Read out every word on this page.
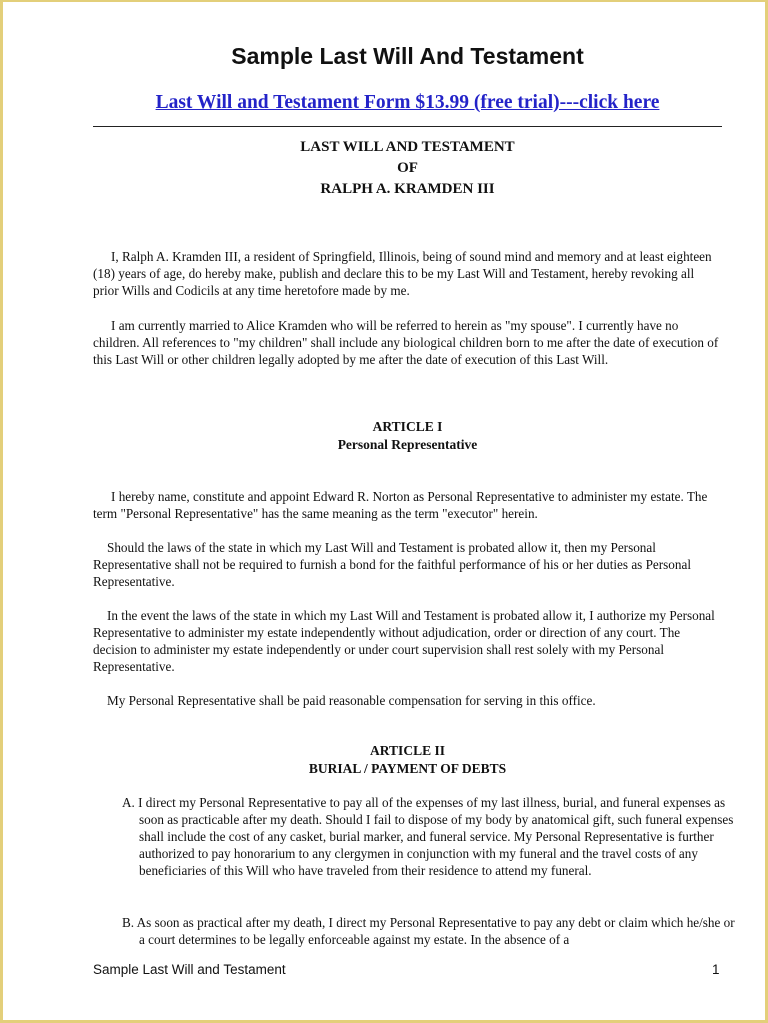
Sample Last Will And Testament
Last Will and Testament Form $13.99 (free trial)---click here
LAST WILL AND TESTAMENT
OF
RALPH A. KRAMDEN III

I, Ralph A. Kramden III, a resident of Springfield, Illinois, being of sound mind and memory and at least eighteen (18) years of age, do hereby make, publish and declare this to be my Last Will and Testament, hereby revoking all prior Wills and Codicils at any time heretofore made by me.

I am currently married to Alice Kramden who will be referred to herein as "my spouse". I currently have no children. All references to "my children" shall include any biological children born to me after the date of execution of this Last Will or other children legally adopted by me after the date of execution of this Last Will.

ARTICLE I
Personal Representative

I hereby name, constitute and appoint Edward R. Norton as Personal Representative to administer my estate. The term "Personal Representative" has the same meaning as the term "executor" herein.

Should the laws of the state in which my Last Will and Testament is probated allow it, then my Personal Representative shall not be required to furnish a bond for the faithful performance of his or her duties as Personal Representative.

In the event the laws of the state in which my Last Will and Testament is probated allow it, I authorize my Personal Representative to administer my estate independently without adjudication, order or direction of any court. The decision to administer my estate independently or under court supervision shall rest solely with my Personal Representative.

My Personal Representative shall be paid reasonable compensation for serving in this office.

ARTICLE II
BURIAL / PAYMENT OF DEBTS

A. I direct my Personal Representative to pay all of the expenses of my last illness, burial, and funeral expenses as soon as practicable after my death. Should I fail to dispose of my body by anatomical gift, such funeral expenses shall include the cost of any casket, burial marker, and funeral service. My Personal Representative is further authorized to pay honorarium to any clergymen in conjunction with my funeral and the travel costs of any beneficiaries of this Will who have traveled from their residence to attend my funeral.

B. As soon as practical after my death, I direct my Personal Representative to pay any debt or claim which he/she or a court determines to be legally enforceable against my estate. In the absence of a

Sample Last Will and Testament	1
